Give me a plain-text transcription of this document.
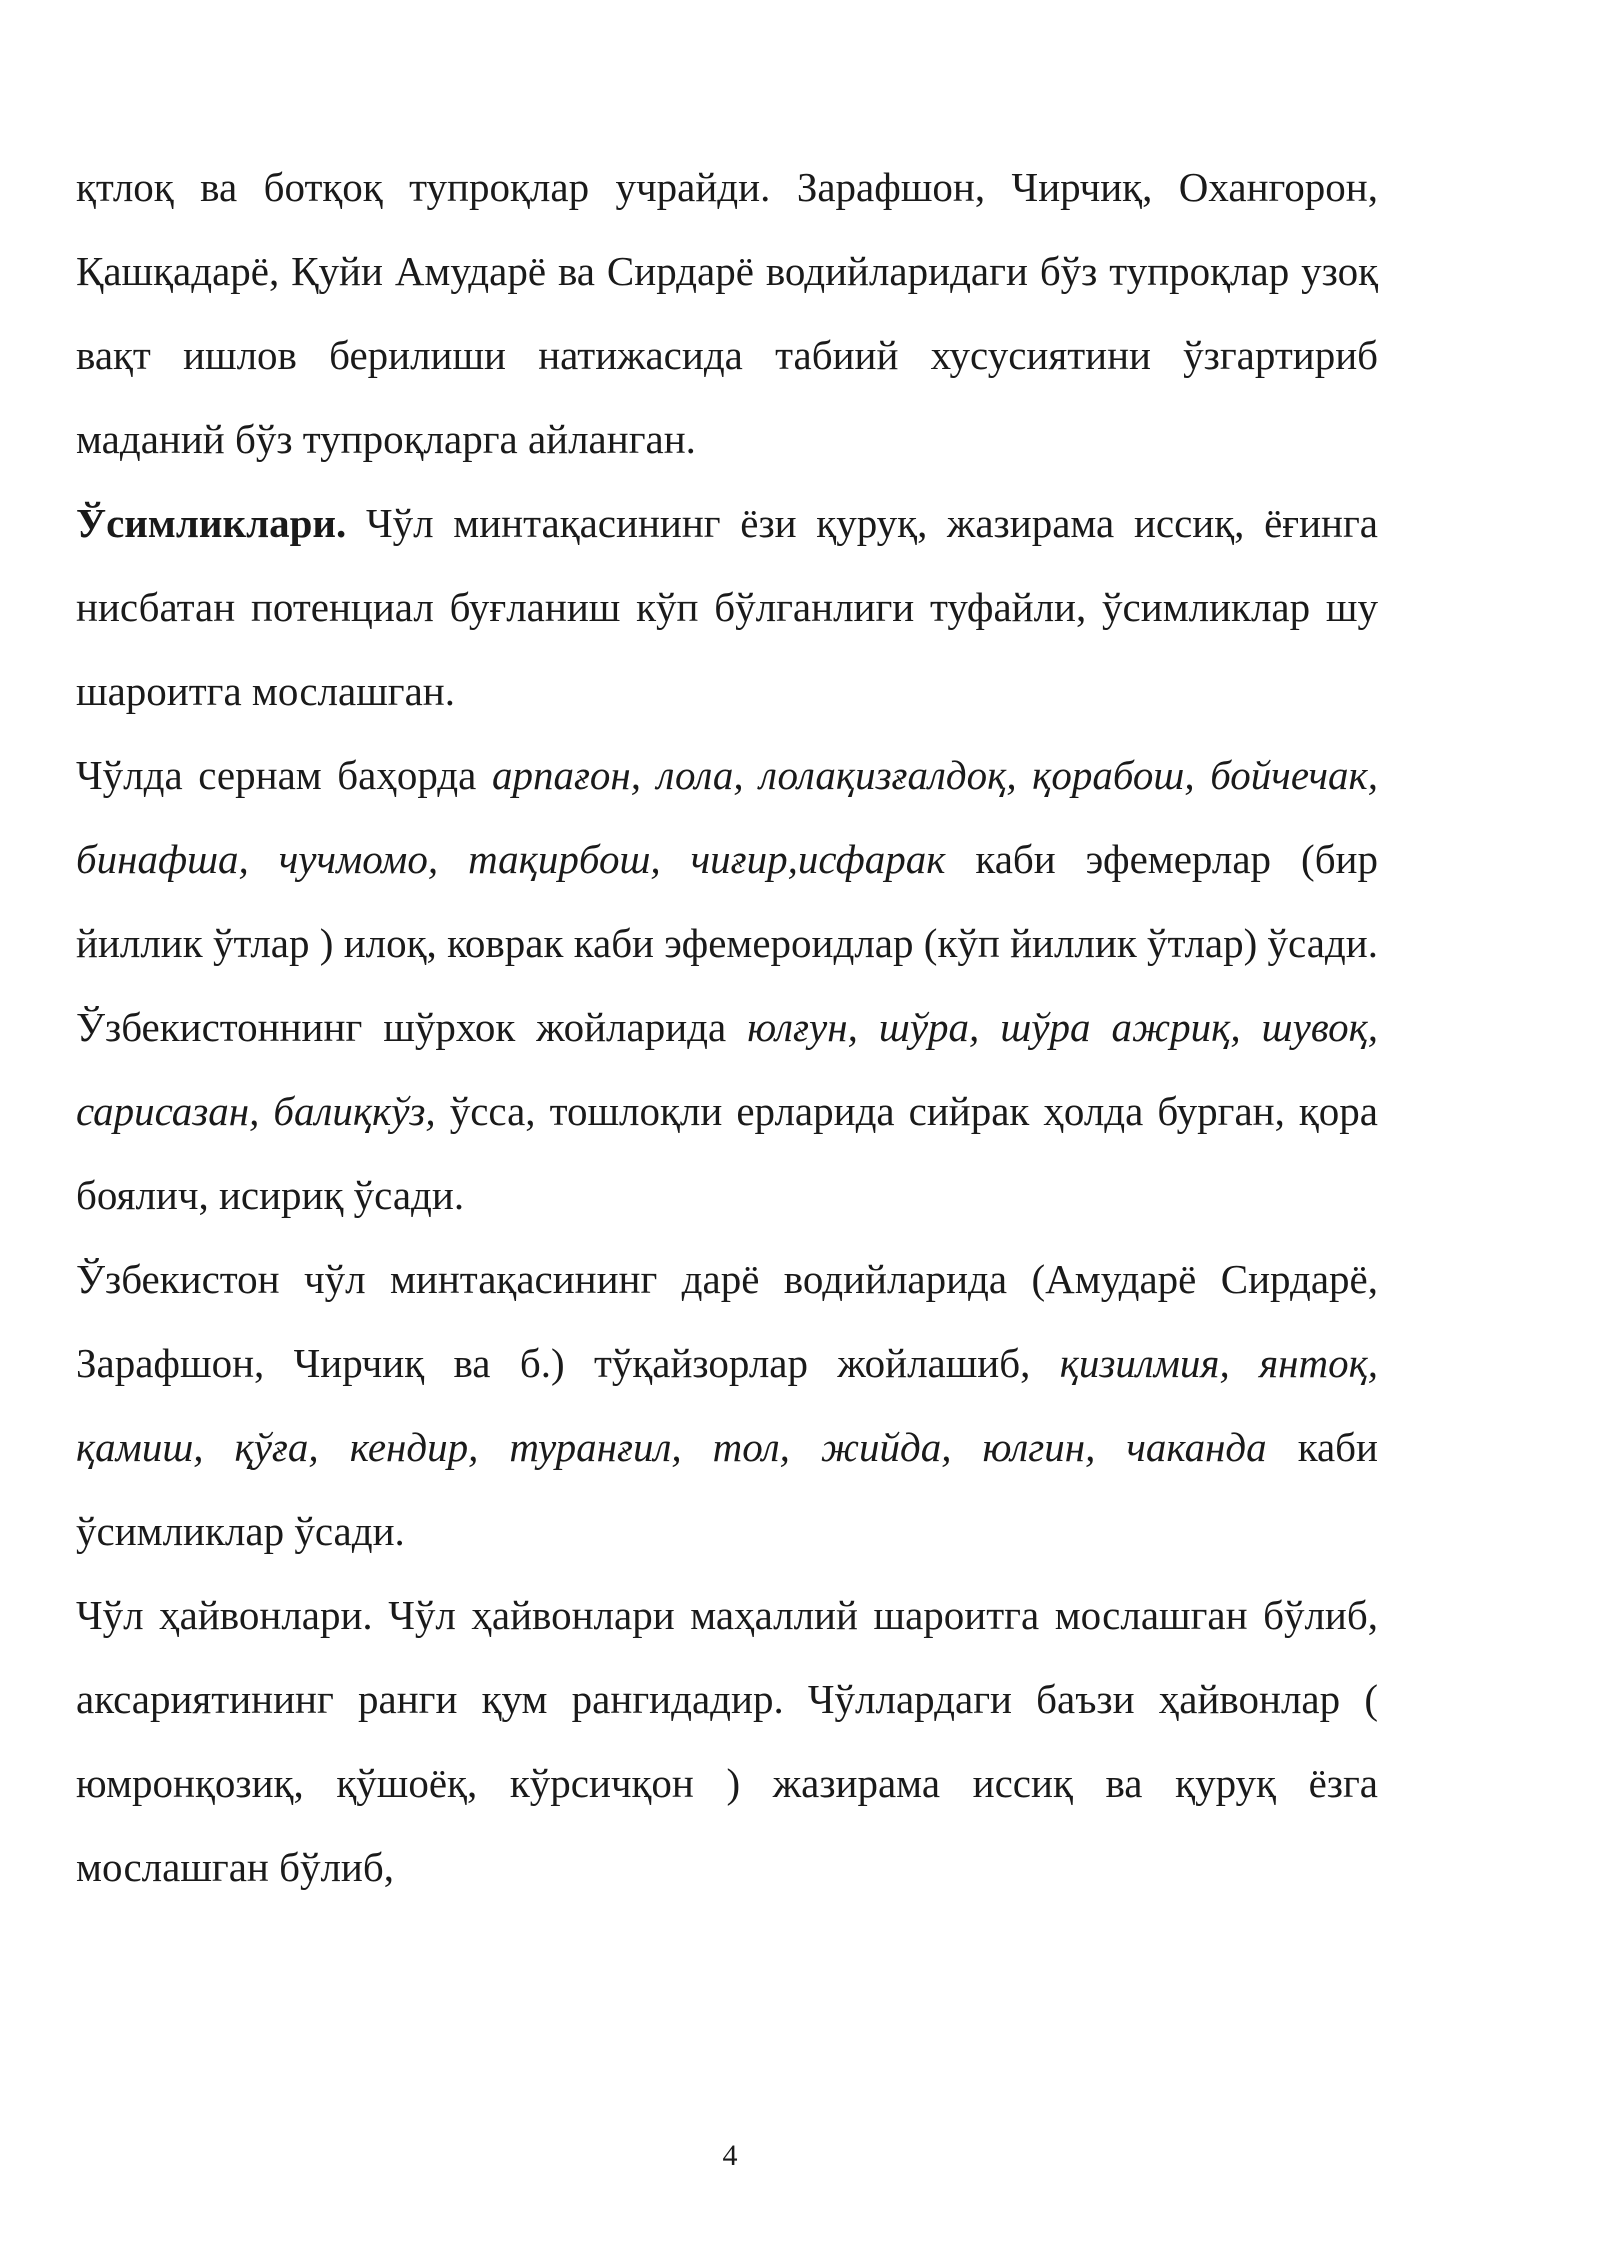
қтлоқ ва ботқоқ тупроқлар учрайди. Зарафшон, Чирчиқ, Охангорон, Қашқадарё, Қуйи Амударё ва Сирдарё водийларидаги бўз тупроқлар узоқ вақт ишлов берилиши натижасида табиий хусусиятини ўзгартириб маданий бўз тупроқларга айланган.

Ўсимликлари. Чўл минтақасининг ёзи қуруқ, жазирама иссиқ, ёғинга нисбатан потенциал буғланиш кўп бўлганлиги туфайли, ўсимликлар шу шароитга мослашган.

Чўлда сернам баҳорда арпағон, лола, лолақизғалдоқ, қорабош, бойчечак, бинафша, чучмомо, тақирбош, чиғир,исфарак каби эфемерлар (бир йиллик ўтлар ) илоқ, коврак каби эфемероидлар (кўп йиллик ўтлар) ўсади. Ўзбекистоннинг шўрхок жойларида юлғун, шўра, шўра ажриқ, шувоқ, сарисазан, балиқкўз, ўсса, тошлоқли ерларида сийрак ҳолда бурган, қора боялич, исириқ ўсади.

Ўзбекистон чўл минтақасининг дарё водийларида (Амударё Сирдарё, Зарафшон, Чирчиқ ва б.) тўқайзорлар жойлашиб, қизилмия, янтоқ, қамиш, қўға, кендир, туранғил, тол, жийда, юлгин, чаканда каби ўсимликлар ўсади.

Чўл ҳайвонлари. Чўл ҳайвонлари маҳаллий шароитга мослашган бўлиб, аксариятининг ранги қум рангидадир. Чўллардаги баъзи ҳайвонлар ( юмронқозиқ, қўшоёқ, кўрсичқон ) жазирама иссиқ ва қуруқ ёзга мослашган бўлиб,

4
